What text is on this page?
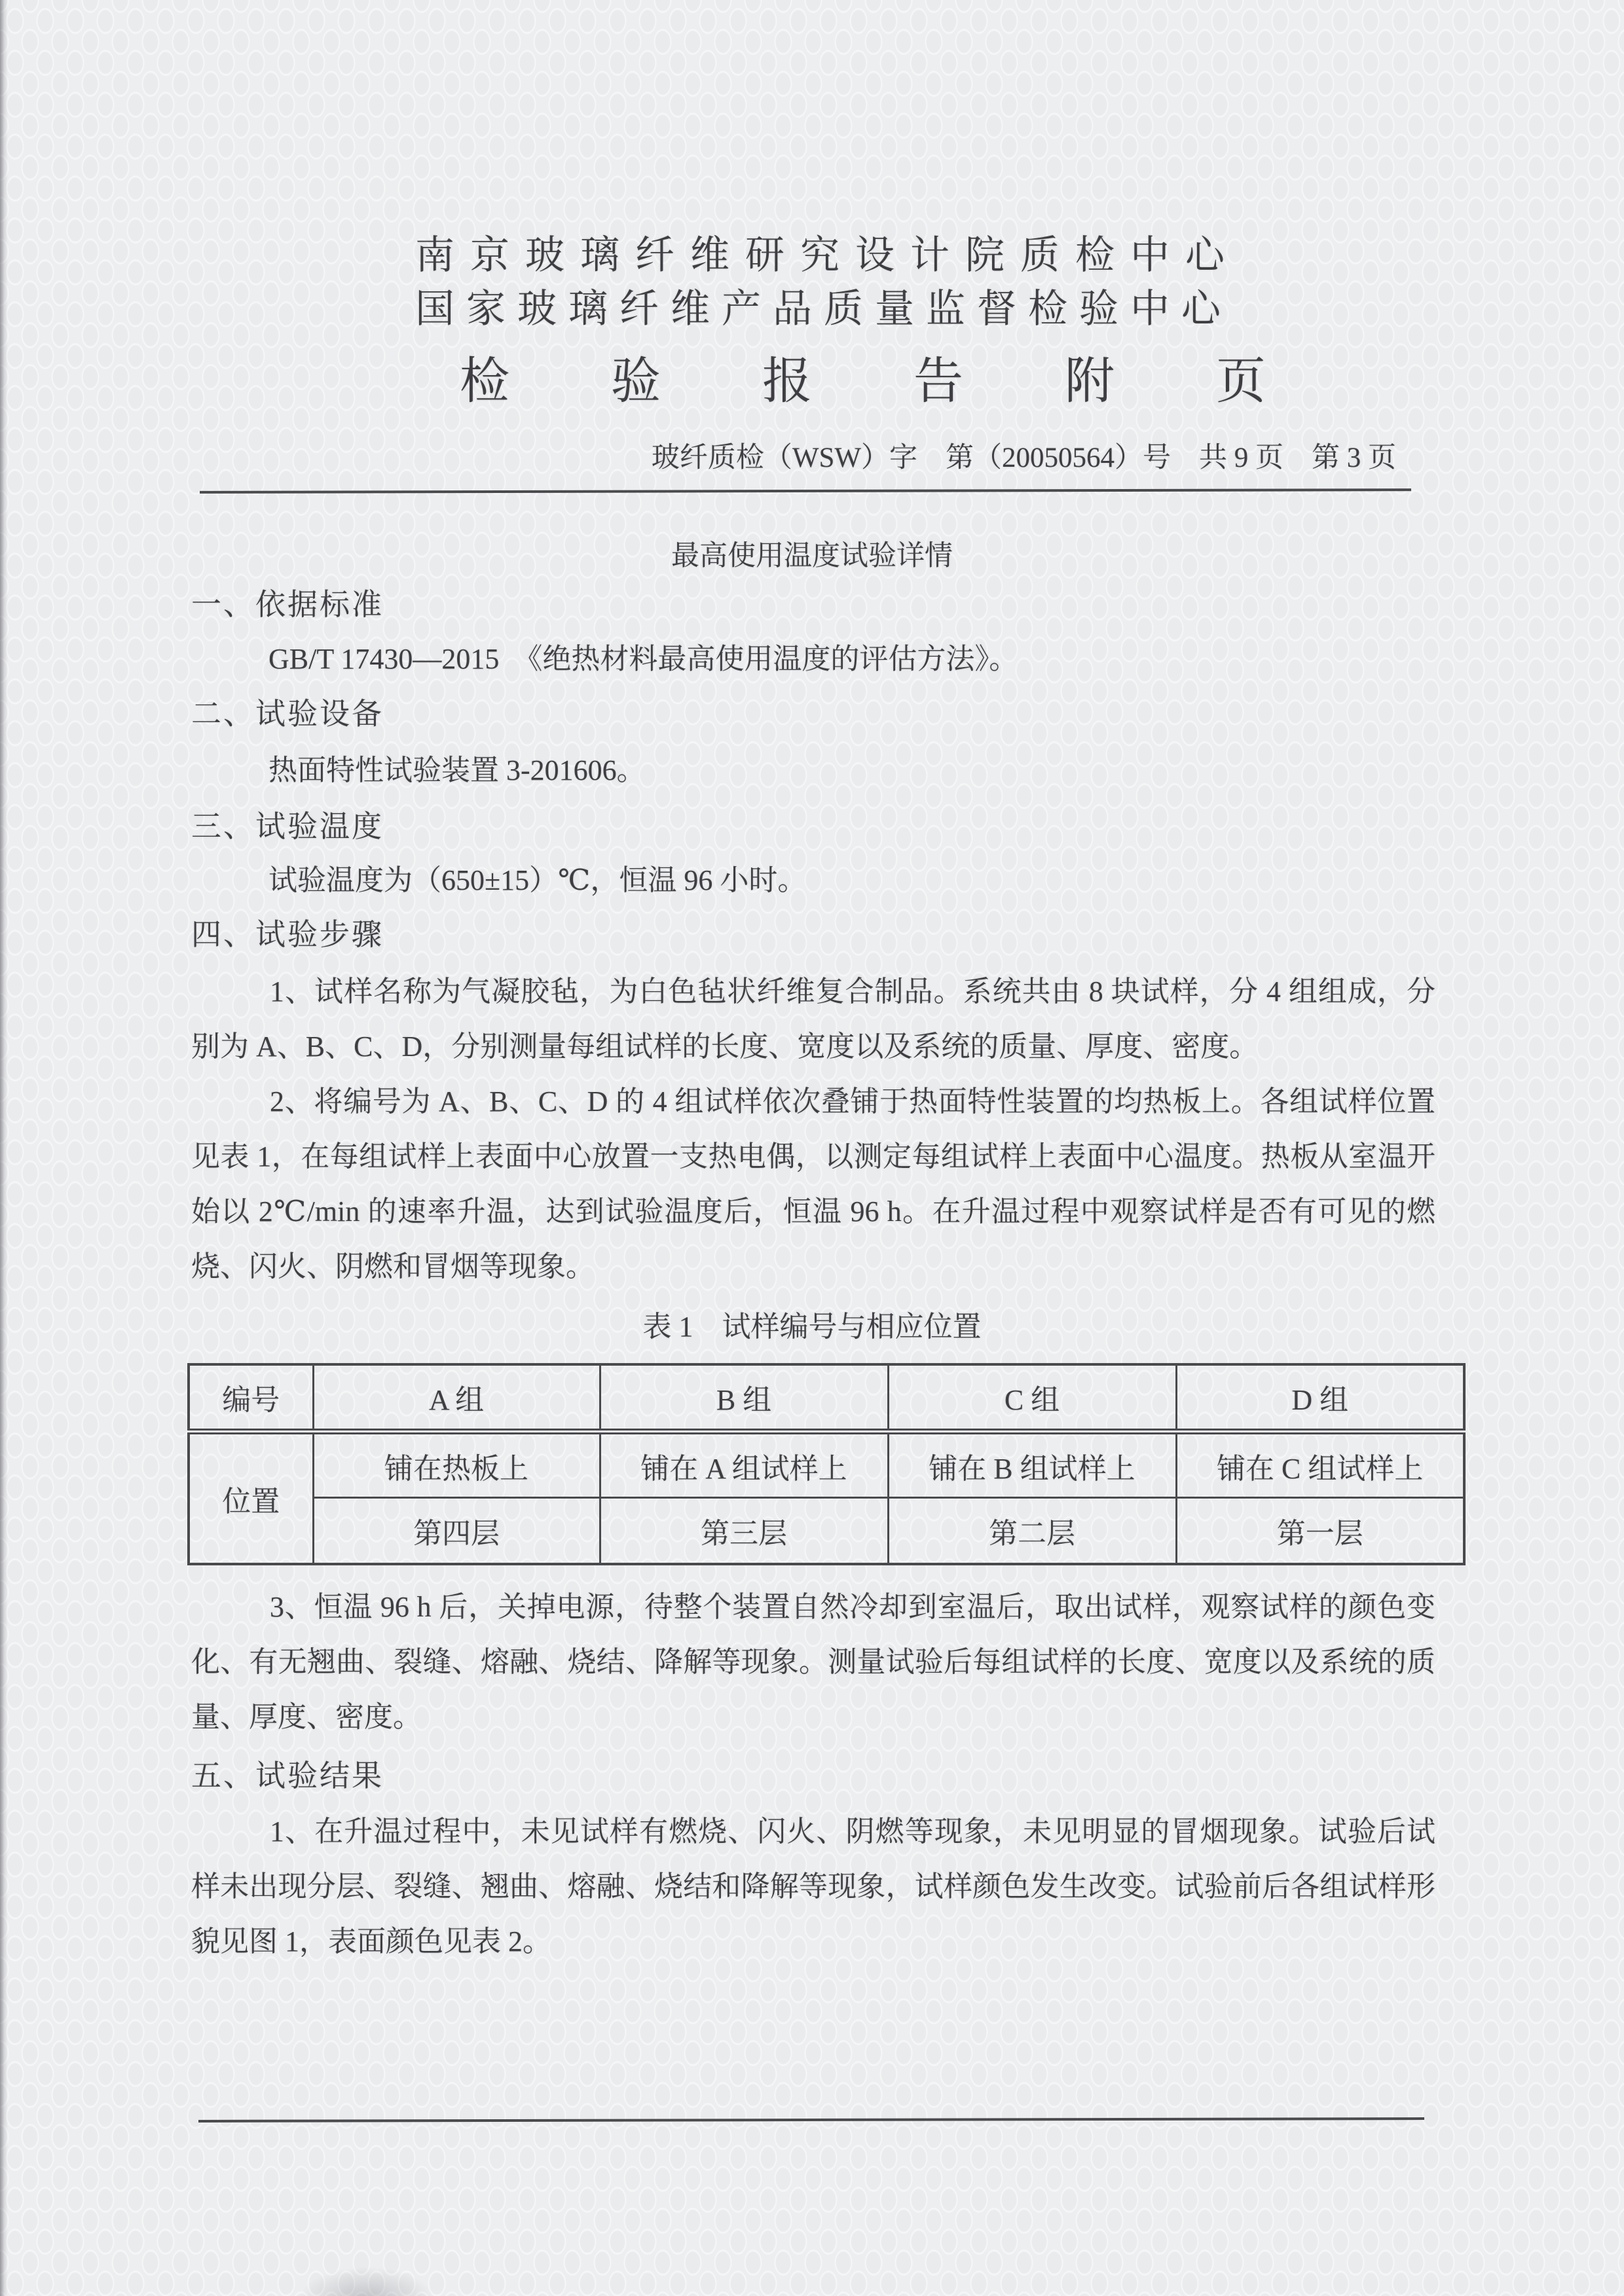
南京玻璃纤维研究设计院质检中心
国家玻璃纤维产品质量监督检验中心
检验报告附页
玻纤质检（WSW）字　第（20050564）号　共 9 页　第 3 页
最高使用温度试验详情
一、依据标准
GB/T 17430—2015　《绝热材料最高使用温度的评估方法》。
二、试验设备
热面特性试验装置 3-201606。
三、试验温度
试验温度为（650±15）℃，恒温 96 小时。
四、试验步骤
1、试样名称为气凝胶毡，为白色毡状纤维复合制品。系统共由 8 块试样，分 4 组组成，分别为 A、B、C、D，分别测量每组试样的长度、宽度以及系统的质量、厚度、密度。
2、将编号为 A、B、C、D 的 4 组试样依次叠铺于热面特性装置的均热板上。各组试样位置见表 1，在每组试样上表面中心放置一支热电偶，以测定每组试样上表面中心温度。热板从室温开始以 2℃/min 的速率升温，达到试验温度后，恒温 96 h。在升温过程中观察试样是否有可见的燃烧、闪火、阴燃和冒烟等现象。
表 1　试样编号与相应位置
编号	A 组	B 组	C 组	D 组
位置	铺在热板上	铺在 A 组试样上	铺在 B 组试样上	铺在 C 组试样上
	第四层	第三层	第二层	第一层
3、恒温 96 h 后，关掉电源，待整个装置自然冷却到室温后，取出试样，观察试样的颜色变化、有无翘曲、裂缝、熔融、烧结、降解等现象。测量试验后每组试样的长度、宽度以及系统的质量、厚度、密度。
五、试验结果
1、在升温过程中，未见试样有燃烧、闪火、阴燃等现象，未见明显的冒烟现象。试验后试样未出现分层、裂缝、翘曲、熔融、烧结和降解等现象，试样颜色发生改变。试验前后各组试样形貌见图 1，表面颜色见表 2。
